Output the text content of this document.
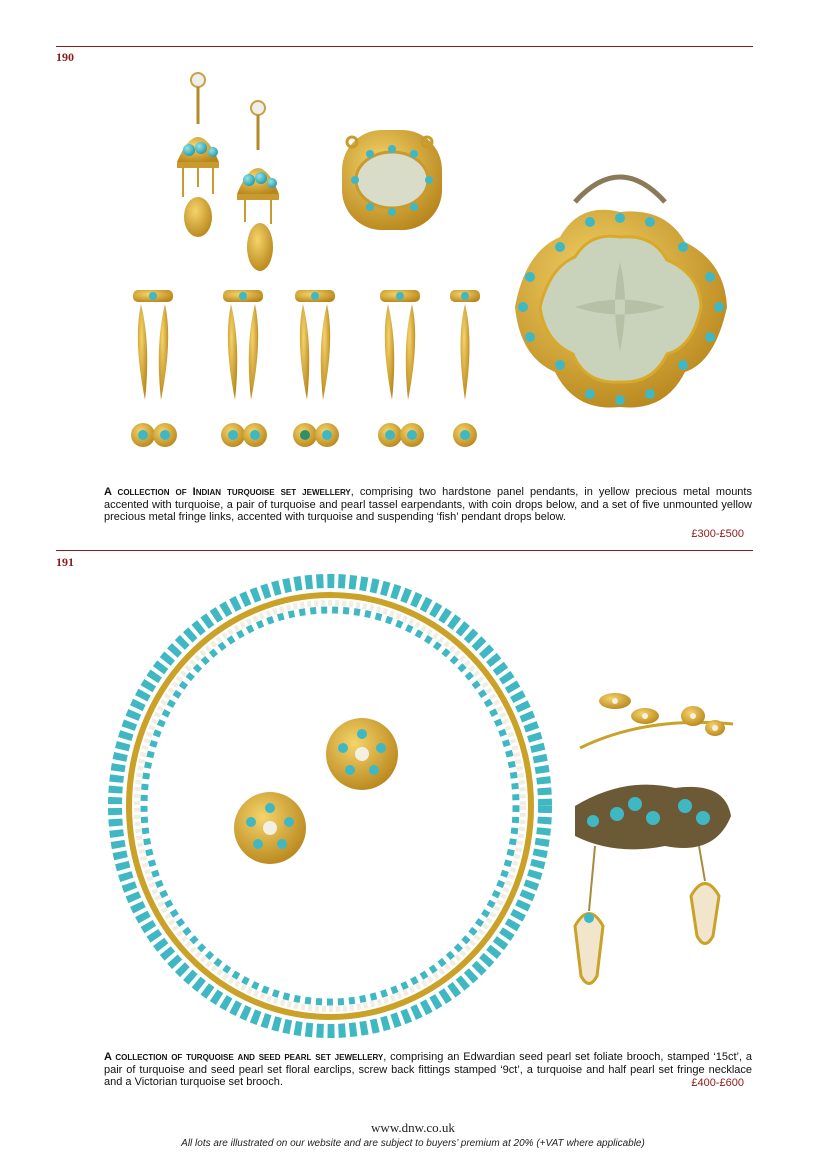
190
A collection of Indian turquoise set jewellery, comprising two hardstone panel pendants, in yellow precious metal mounts accented with turquoise, a pair of turquoise and pearl tassel earpendants, with coin drops below, and a set of five unmounted yellow precious metal fringe links, accented with turquoise and suspending ‘fish’ pendant drops below.
£300-£500
191
A collection of turquoise and seed pearl set jewellery, comprising an Edwardian seed pearl set foliate brooch, stamped ‘15ct’, a pair of turquoise and seed pearl set floral earclips, screw back fittings stamped ‘9ct’, a turquoise and half pearl set fringe necklace and a Victorian turquoise set brooch.	£400-£600
www.dnw.co.uk
All lots are illustrated on our website and are subject to buyers’ premium at 20% (+VAT where applicable)
